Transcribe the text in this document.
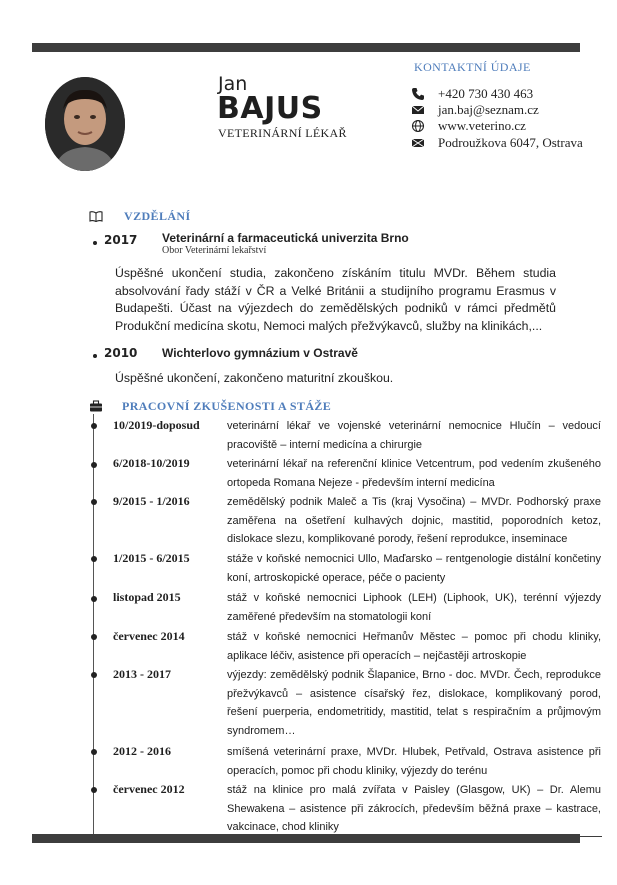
Jan
BAJUS
VETERINÁRNÍ LÉKAŘ
KONTAKTNÍ ÚDAJE
+420 730 430 463
jan.baj@seznam.cz
www.veterino.cz
Podroužkova 6047, Ostrava
VZDĚLÁNÍ
2017 Veterinární a farmaceutická univerzita Brno
Obor Veterinární lekařství
Úspěšné ukončení studia, zakončeno získáním titulu MVDr. Během studia absolvování řady stáží v ČR a Velké Británii a studijního programu Erasmus v Budapešti. Účast na výjezdech do zemědělských podniků v rámci předmětů Produkční medicína skotu, Nemoci malých přežvýkavců, služby na klinikách,...
2010 Wichterlovo gymnázium v Ostravě
Úspěšné ukončení, zakončeno maturitní zkouškou.
PRACOVNÍ ZKUŠENOSTI A STÁŽE
10/2019-doposud veterinární lékař ve vojenské veterinární nemocnice Hlučín – vedoucí pracoviště – interní medicína a chirurgie
6/2018-10/2019	veterinární lékař na referenční klinice Vetcentrum, pod vedením zkušeného ortopeda Romana Nejeze - především interní medicína
9/2015 - 1/2016	zemědělský podnik Maleč a Tis (kraj Vysočina) – MVDr. Podhorský praxe zaměřena na ošetření kulhavých dojnic, mastitid, poporodních ketoz, dislokace slezu, komplikované porody, řešení reprodukce, inseminace
1/2015 - 6/2015	stáže v koňské nemocnici Ullo, Maďarsko – rentgenologie distální končetiny koní, artroskopické operace, péče o pacienty
listopad 2015	stáž v koňské nemocnici Liphook (LEH) (Liphook, UK), terénní výjezdy zaměřené především na stomatologii koní
červenec 2014	stáž v koňské nemocnici Heřmanův Městec – pomoc při chodu kliniky, aplikace léčiv, asistence při operacích – nejčastěji artroskopie
2013 - 2017	výjezdy: zemědělský podnik Šlapanice, Brno - doc. MVDr. Čech, reprodukce přežvýkavců – asistence císařský řez, dislokace, komplikovaný porod, řešení puerperia, endometritidy, mastitid, telat s respiračním a průjmovým syndromem…
2012 - 2016	smíšená veterinární praxe, MVDr. Hlubek, Petřvald, Ostrava asistence při operacích, pomoc při chodu kliniky, výjezdy do terénu
červenec 2012	stáž na klinice pro malá zvířata v Paisley (Glasgow, UK) – Dr. Alemu Shewakena – asistence při zákrocích, především běžná praxe – kastrace, vakcinace, chod kliniky
